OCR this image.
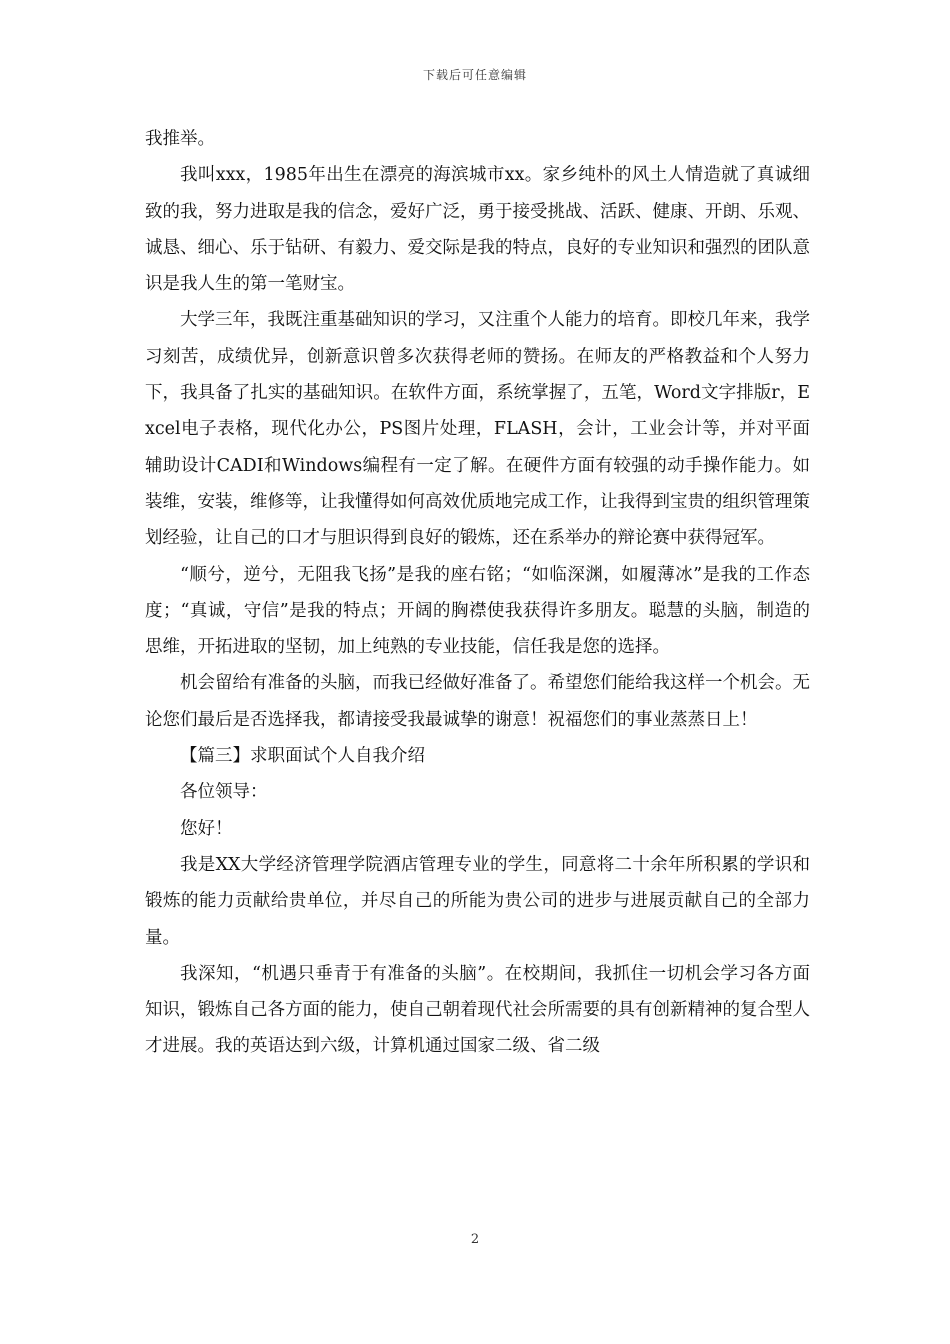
下载后可任意编辑

我推举。

我叫xxx，1985年出生在漂亮的海滨城市xx。家乡纯朴的风土人情造就了真诚细致的我，努力进取是我的信念，爱好广泛，勇于接受挑战、活跃、健康、开朗、乐观、诚恳、细心、乐于钻研、有毅力、爱交际是我的特点，良好的专业知识和强烈的团队意识是我人生的第一笔财宝。

大学三年，我既注重基础知识的学习，又注重个人能力的培育。即校几年来，我学习刻苦，成绩优异，创新意识曾多次获得老师的赞扬。在师友的严格教益和个人努力下，我具备了扎实的基础知识。在软件方面，系统掌握了，五笔，Word文字排版r，Excel电子表格，现代化办公，PS图片处理，FLASH，会计，工业会计等，并对平面辅助设计CADI和Windows编程有一定了解。在硬件方面有较强的动手操作能力。如装维，安装，维修等，让我懂得如何高效优质地完成工作，让我得到宝贵的组织管理策划经验，让自己的口才与胆识得到良好的锻炼，还在系举办的辩论赛中获得冠军。

“顺兮，逆兮，无阻我飞扬”是我的座右铭；“如临深渊，如履薄冰”是我的工作态度；“真诚，守信”是我的特点；开阔的胸襟使我获得许多朋友。聪慧的头脑，制造的思维，开拓进取的坚韧，加上纯熟的专业技能，信任我是您的选择。

机会留给有准备的头脑，而我已经做好准备了。希望您们能给我这样一个机会。无论您们最后是否选择我，都请接受我最诚挚的谢意！祝福您们的事业蒸蒸日上！

【篇三】求职面试个人自我介绍

各位领导：

您好！

我是XX大学经济管理学院酒店管理专业的学生，同意将二十余年所积累的学识和锻炼的能力贡献给贵单位，并尽自己的所能为贵公司的进步与进展贡献自己的全部力量。

我深知，“机遇只垂青于有准备的头脑”。在校期间，我抓住一切机会学习各方面知识，锻炼自己各方面的能力，使自己朝着现代社会所需要的具有创新精神的复合型人才进展。我的英语达到六级，计算机通过国家二级、省二级

2
